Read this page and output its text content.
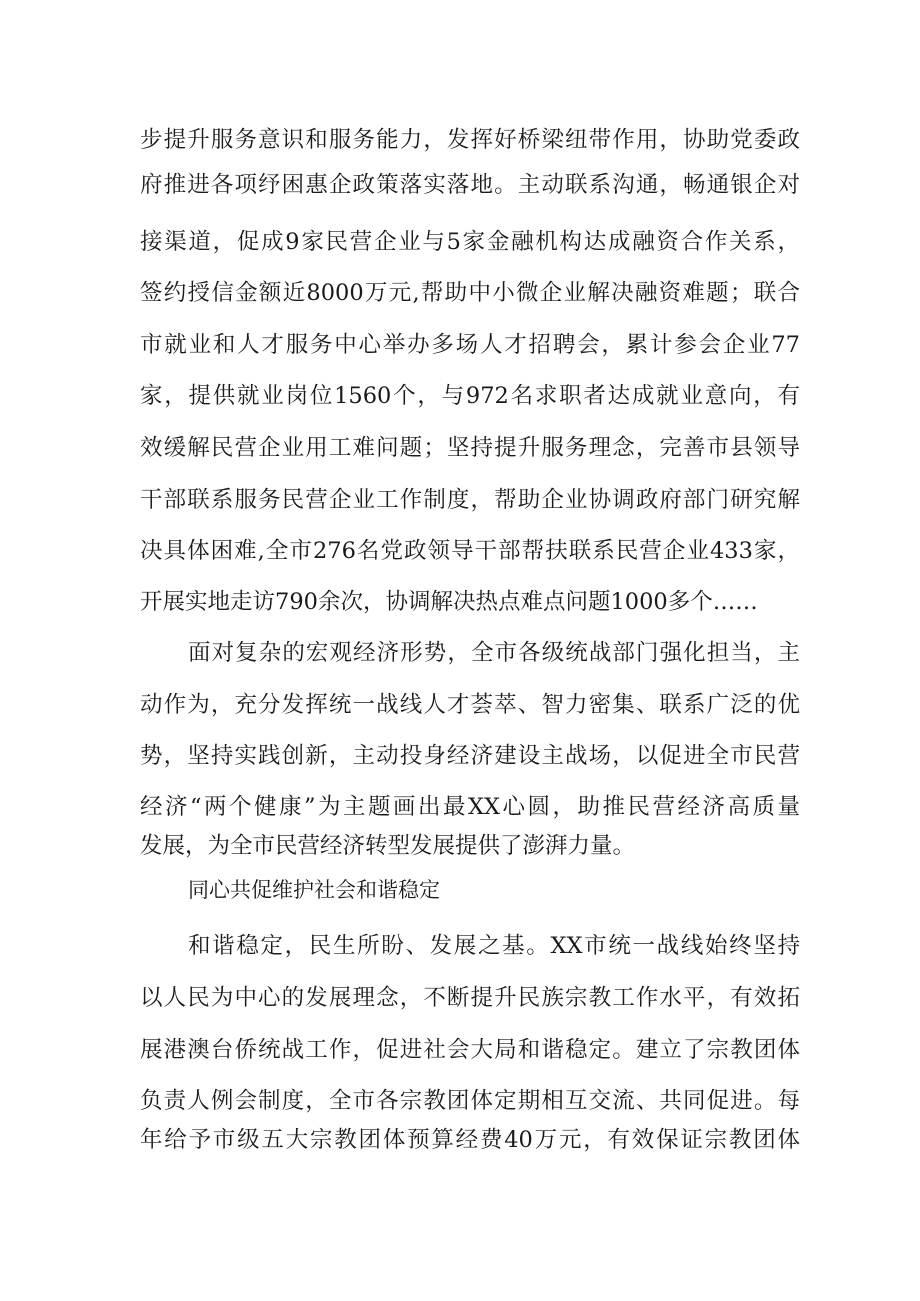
步提升服务意识和服务能力，发挥好桥梁纽带作用，协助党委政
府推进各项纾困惠企政策落实落地。主动联系沟通，畅通银企对
接渠道，促成9家民营企业与5家金融机构达成融资合作关系，
签约授信金额近8000万元,帮助中小微企业解决融资难题；联合
市就业和人才服务中心举办多场人才招聘会，累计参会企业77
家，提供就业岗位1560个，与972名求职者达成就业意向，有
效缓解民营企业用工难问题；坚持提升服务理念，完善市县领导
干部联系服务民营企业工作制度，帮助企业协调政府部门研究解
决具体困难,全市276名党政领导干部帮扶联系民营企业433家，
开展实地走访790余次，协调解决热点难点问题1000多个……
面对复杂的宏观经济形势，全市各级统战部门强化担当，主
动作为，充分发挥统一战线人才荟萃、智力密集、联系广泛的优
势，坚持实践创新，主动投身经济建设主战场，以促进全市民营
经济“两个健康”为主题画出最XX心圆，助推民营经济高质量
发展，为全市民营经济转型发展提供了澎湃力量。
同心共促维护社会和谐稳定
和谐稳定，民生所盼、发展之基。XX市统一战线始终坚持
以人民为中心的发展理念，不断提升民族宗教工作水平，有效拓
展港澳台侨统战工作，促进社会大局和谐稳定。建立了宗教团体
负责人例会制度，全市各宗教团体定期相互交流、共同促进。每
年给予市级五大宗教团体预算经费40万元，有效保证宗教团体
